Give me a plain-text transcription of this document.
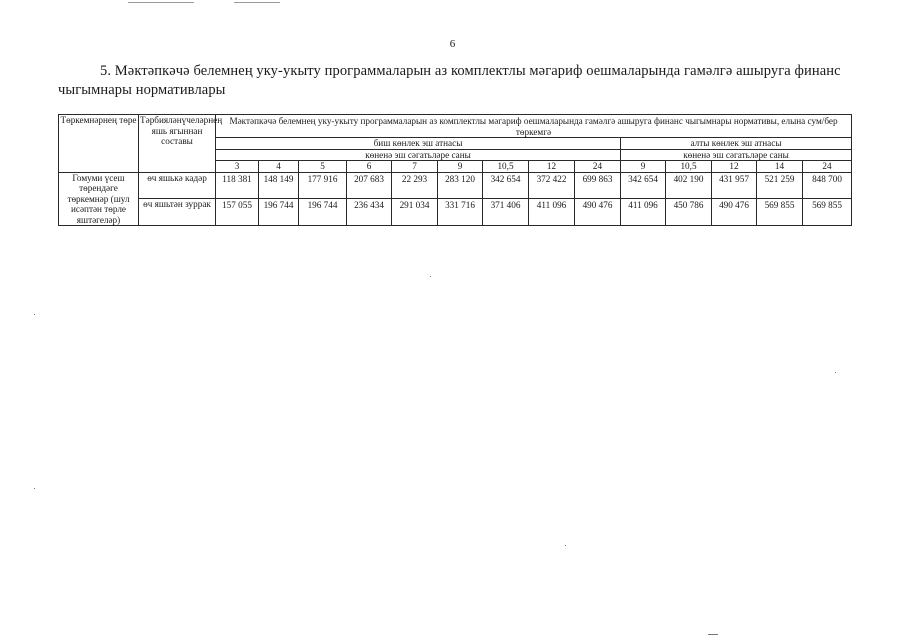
6
5. Мәктәпкәчә белемнең уку-укыту программаларын аз комплектлы мәгариф оешмаларында гамәлгә ашыруга финанс чыгымнары нормативлары
Төркемнәрнең төре	Тәрбияләнүчеләрнең яшь ягыннан составы	Мәктәпкәчә белемнең уку-укыту программаларын аз комплектлы мәгариф оешмаларында гамәлгә ашыруга финанс чыгымнары нормативы, елына сум/бер төркемгә													
		биш көнлек эш атнасы									алты көнлек эш атнасы				
		көненә эш сәгатьләре саны									көненә эш сәгатьләре саны				
		3	4	5	6	7	9	10,5	12	24	9	10,5	12	14	24
Гомуми үсеш төрендәге төркемнәр (шул исәптән төрле яштәгеләр)	өч яшькә кадәр	118 381	148 149	177 916	207 683	22 293	283 120	342 654	372 422	699 863	342 654	402 190	431 957	521 259	848 700
	өч яшьтән зуррак	157 055	196 744	196 744	236 434	291 034	331 716	371 406	411 096	490 476	411 096	450 786	490 476	569 855	569 855
